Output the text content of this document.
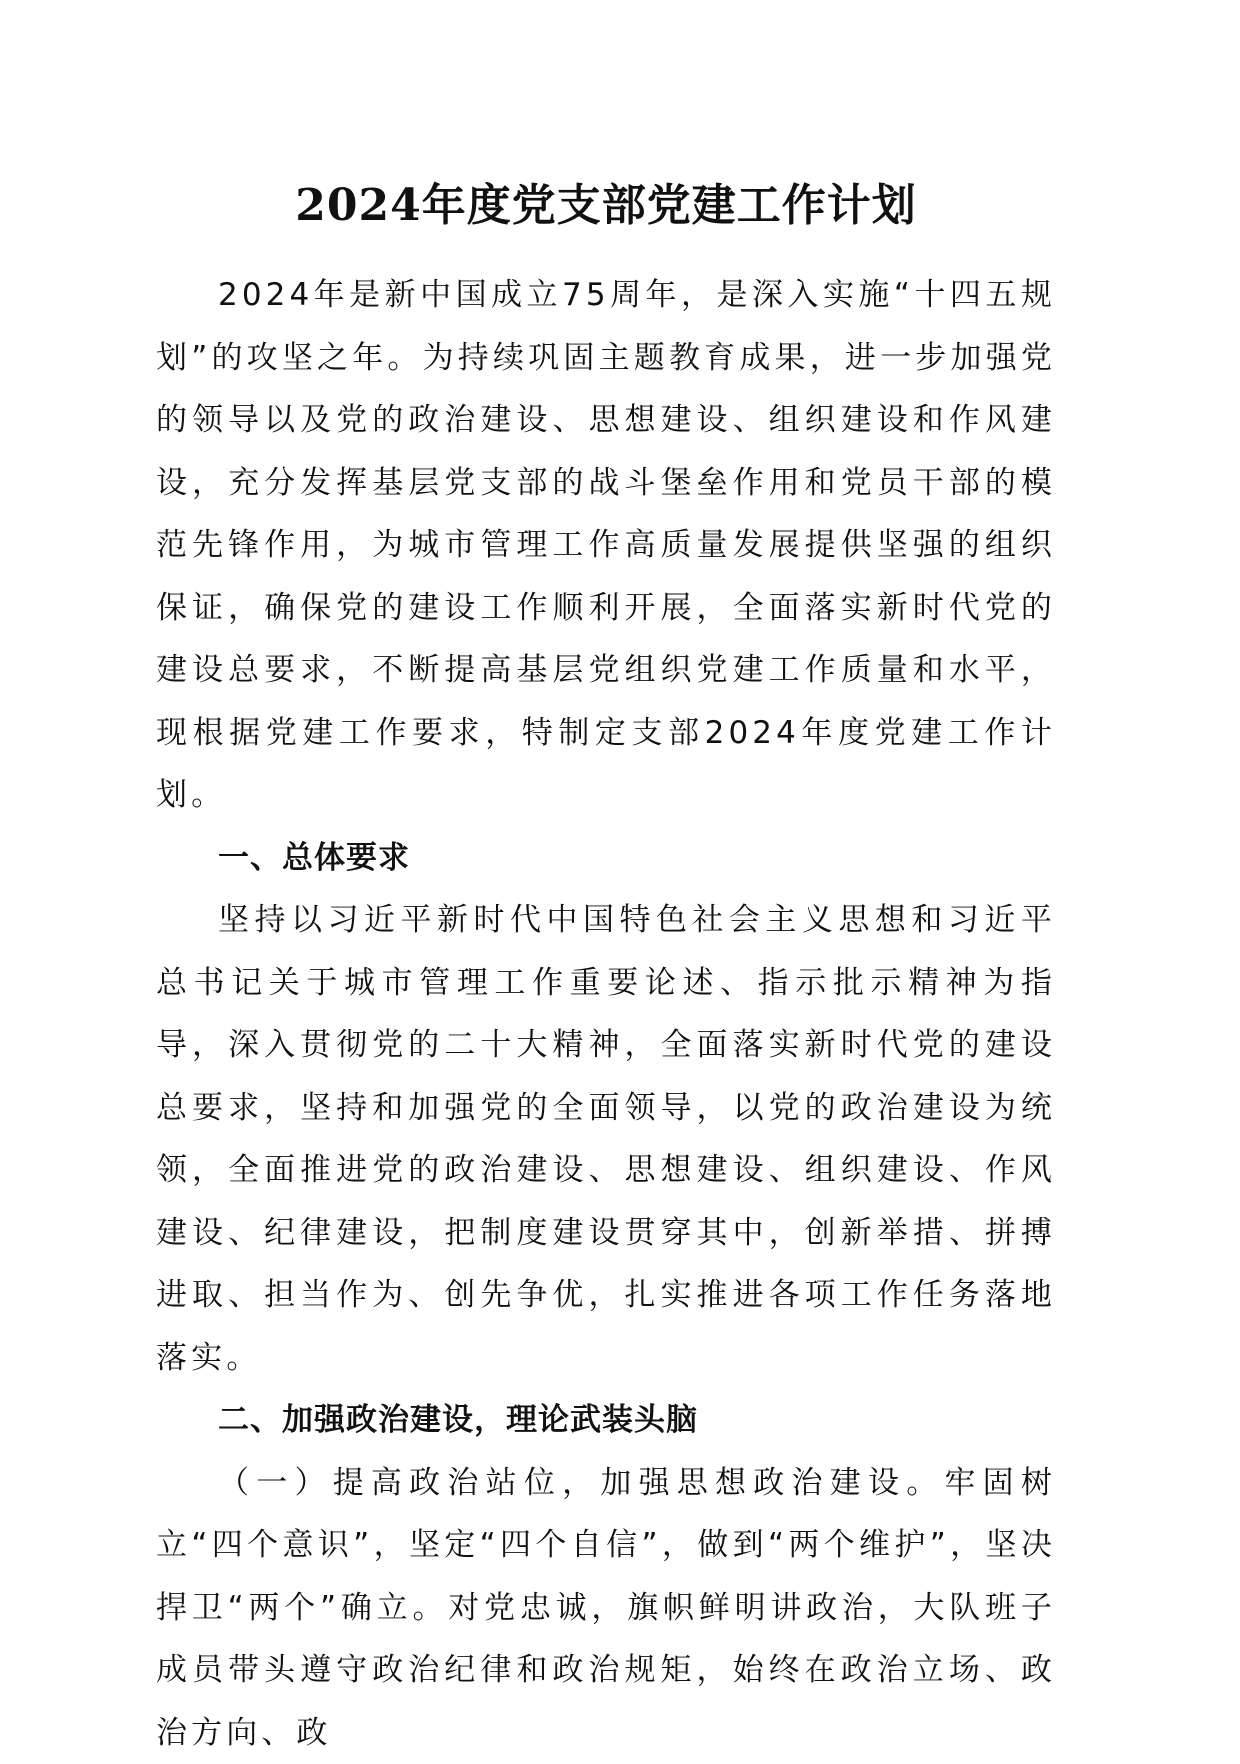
2024年度党支部党建工作计划

2024年是新中国成立75周年，是深入实施“十四五规划”的攻坚之年。为持续巩固主题教育成果，进一步加强党的领导以及党的政治建设、思想建设、组织建设和作风建设，充分发挥基层党支部的战斗堡垒作用和党员干部的模范先锋作用，为城市管理工作高质量发展提供坚强的组织保证，确保党的建设工作顺利开展，全面落实新时代党的建设总要求，不断提高基层党组织党建工作质量和水平，现根据党建工作要求，特制定支部2024年度党建工作计划。

一、总体要求

坚持以习近平新时代中国特色社会主义思想和习近平总书记关于城市管理工作重要论述、指示批示精神为指导，深入贯彻党的二十大精神，全面落实新时代党的建设总要求，坚持和加强党的全面领导，以党的政治建设为统领，全面推进党的政治建设、思想建设、组织建设、作风建设、纪律建设，把制度建设贯穿其中，创新举措、拼搏进取、担当作为、创先争优，扎实推进各项工作任务落地落实。

二、加强政治建设，理论武装头脑

（一）提高政治站位，加强思想政治建设。牢固树立“四个意识”，坚定“四个自信”，做到“两个维护”，坚决捍卫“两个”确立。对党忠诚，旗帜鲜明讲政治，大队班子成员带头遵守政治纪律和政治规矩，始终在政治立场、政治方向、政
